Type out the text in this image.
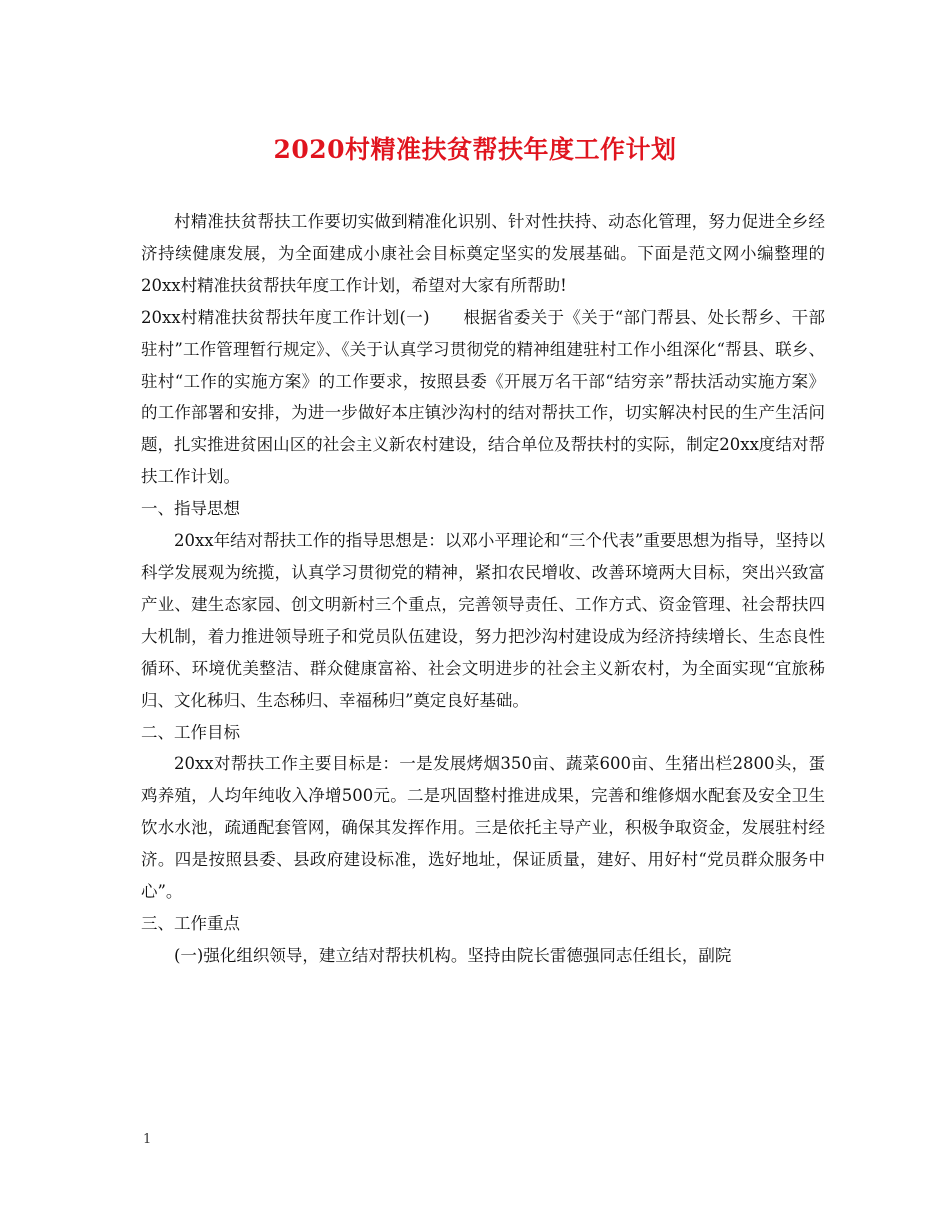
2020村精准扶贫帮扶年度工作计划

村精准扶贫帮扶工作要切实做到精准化识别、针对性扶持、动态化管理，努力促进全乡经济持续健康发展，为全面建成小康社会目标奠定坚实的发展基础。下面是范文网小编整理的20xx村精准扶贫帮扶年度工作计划，希望对大家有所帮助!

20xx村精准扶贫帮扶年度工作计划(一)　　根据省委关于《关于“部门帮县、处长帮乡、干部驻村”工作管理暂行规定》、《关于认真学习贯彻党的精神组建驻村工作小组深化“帮县、联乡、驻村“工作的实施方案》的工作要求，按照县委《开展万名干部“结穷亲”帮扶活动实施方案》的工作部署和安排，为进一步做好本庄镇沙沟村的结对帮扶工作，切实解决村民的生产生活问题，扎实推进贫困山区的社会主义新农村建设，结合单位及帮扶村的实际，制定20xx度结对帮扶工作计划。

一、指导思想

20xx年结对帮扶工作的指导思想是：以邓小平理论和“三个代表”重要思想为指导，坚持以科学发展观为统揽，认真学习贯彻党的精神，紧扣农民增收、改善环境两大目标，突出兴致富产业、建生态家园、创文明新村三个重点，完善领导责任、工作方式、资金管理、社会帮扶四大机制，着力推进领导班子和党员队伍建设，努力把沙沟村建设成为经济持续增长、生态良性循环、环境优美整洁、群众健康富裕、社会文明进步的社会主义新农村，为全面实现“宜旅秭归、文化秭归、生态秭归、幸福秭归”奠定良好基础。

二、工作目标

20xx对帮扶工作主要目标是：一是发展烤烟350亩、蔬菜600亩、生猪出栏2800头，蛋鸡养殖，人均年纯收入净增500元。二是巩固整村推进成果，完善和维修烟水配套及安全卫生饮水水池，疏通配套管网，确保其发挥作用。三是依托主导产业，积极争取资金，发展驻村经济。四是按照县委、县政府建设标准，选好地址，保证质量，建好、用好村“党员群众服务中心”。

三、工作重点

(一)强化组织领导，建立结对帮扶机构。坚持由院长雷德强同志任组长，副院

1
